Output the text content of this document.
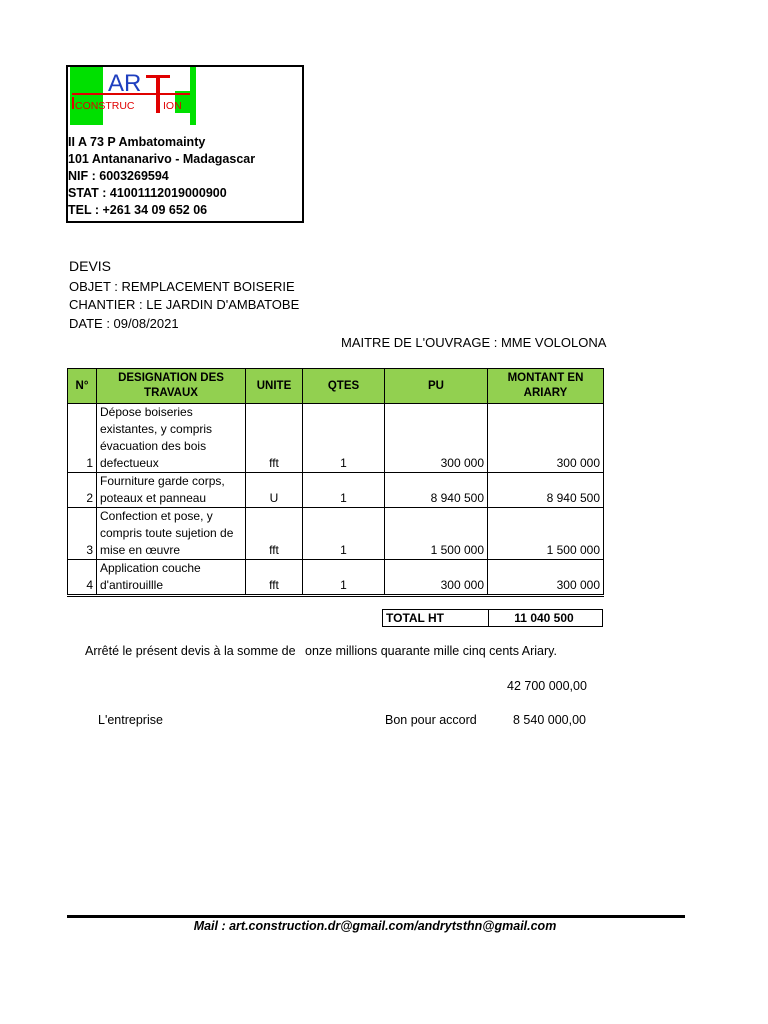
AR
CONSTRUC	ION
II A 73 P Ambatomainty
101 Antananarivo - Madagascar
NIF : 6003269594
STAT : 41001112019000900
TEL : +261 34 09 652 06
DEVIS
OBJET : REMPLACEMENT BOISERIE
CHANTIER : LE JARDIN D'AMBATOBE
DATE : 09/08/2021
MAITRE DE L'OUVRAGE : MME VOLOLONA
N°	DESIGNATION DES TRAVAUX	UNITE	QTES	PU	MONTANT EN ARIARY
1	Dépose boiseries existantes, y compris évacuation des bois defectueux	fft	1	300 000	300 000
2	Fourniture garde corps, poteaux et panneau	U	1	8 940 500	8 940 500
3	Confection et pose, y compris toute sujetion de mise en œuvre	fft	1	1 500 000	1 500 000
4	Application couche d'antirouillle	fft	1	300 000	300 000
TOTAL HT	11 040 500
Arrêté le présent devis à la somme de onze millions quarante mille cinq cents Ariary.
42 700 000,00
L'entreprise	Bon pour accord	8 540 000,00
Mail : art.construction.dr@gmail.com/andrytsthn@gmail.com
